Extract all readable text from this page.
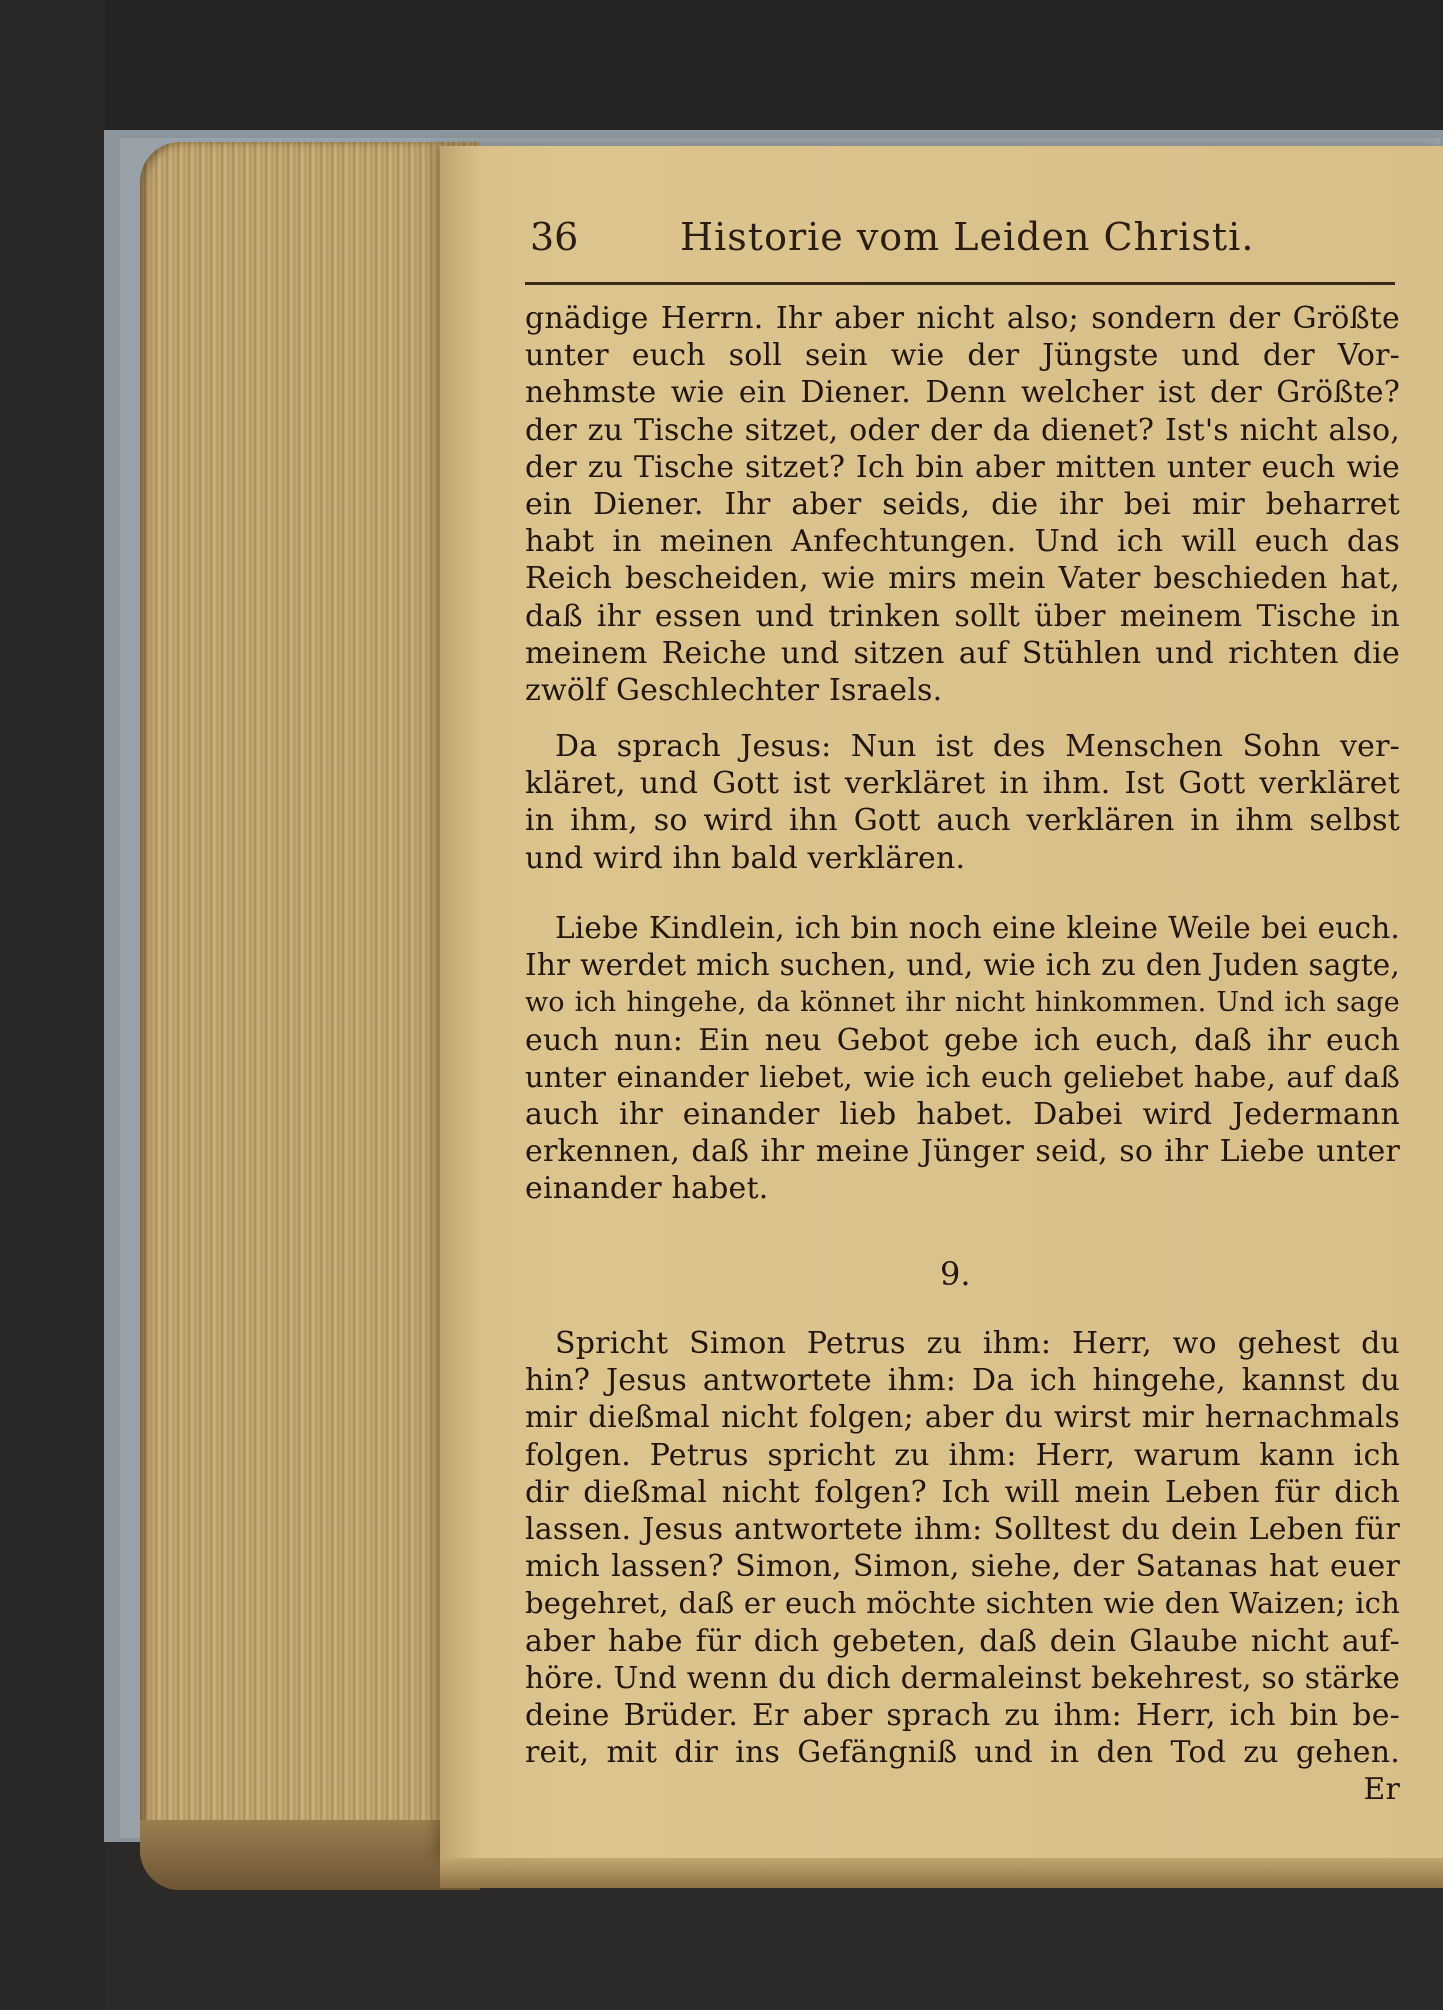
36	Historie vom Leiden Christi.
gnädige Herrn. Ihr aber nicht also; sondern der Größte
unter euch soll sein wie der Jüngste und der Vor-
nehmste wie ein Diener. Denn welcher ist der Größte?
der zu Tische sitzet, oder der da dienet? Ist's nicht also,
der zu Tische sitzet? Ich bin aber mitten unter euch wie
ein Diener. Ihr aber seids, die ihr bei mir beharret
habt in meinen Anfechtungen. Und ich will euch das
Reich bescheiden, wie mirs mein Vater beschieden hat,
daß ihr essen und trinken sollt über meinem Tische in
meinem Reiche und sitzen auf Stühlen und richten die
zwölf Geschlechter Israels.
Da sprach Jesus: Nun ist des Menschen Sohn ver-
kläret, und Gott ist verkläret in ihm. Ist Gott verkläret
in ihm, so wird ihn Gott auch verklären in ihm selbst
und wird ihn bald verklären.
Liebe Kindlein, ich bin noch eine kleine Weile bei euch.
Ihr werdet mich suchen, und, wie ich zu den Juden sagte,
wo ich hingehe, da könnet ihr nicht hinkommen. Und ich sage
euch nun: Ein neu Gebot gebe ich euch, daß ihr euch
unter einander liebet, wie ich euch geliebet habe, auf daß
auch ihr einander lieb habet. Dabei wird Jedermann
erkennen, daß ihr meine Jünger seid, so ihr Liebe unter
einander habet.
9.
Spricht Simon Petrus zu ihm: Herr, wo gehest du
hin? Jesus antwortete ihm: Da ich hingehe, kannst du
mir dießmal nicht folgen; aber du wirst mir hernachmals
folgen. Petrus spricht zu ihm: Herr, warum kann ich
dir dießmal nicht folgen? Ich will mein Leben für dich
lassen. Jesus antwortete ihm: Solltest du dein Leben für
mich lassen? Simon, Simon, siehe, der Satanas hat euer
begehret, daß er euch möchte sichten wie den Waizen; ich
aber habe für dich gebeten, daß dein Glaube nicht auf-
höre. Und wenn du dich dermaleinst bekehrest, so stärke
deine Brüder. Er aber sprach zu ihm: Herr, ich bin be-
reit, mit dir ins Gefängniß und in den Tod zu gehen.
Er
